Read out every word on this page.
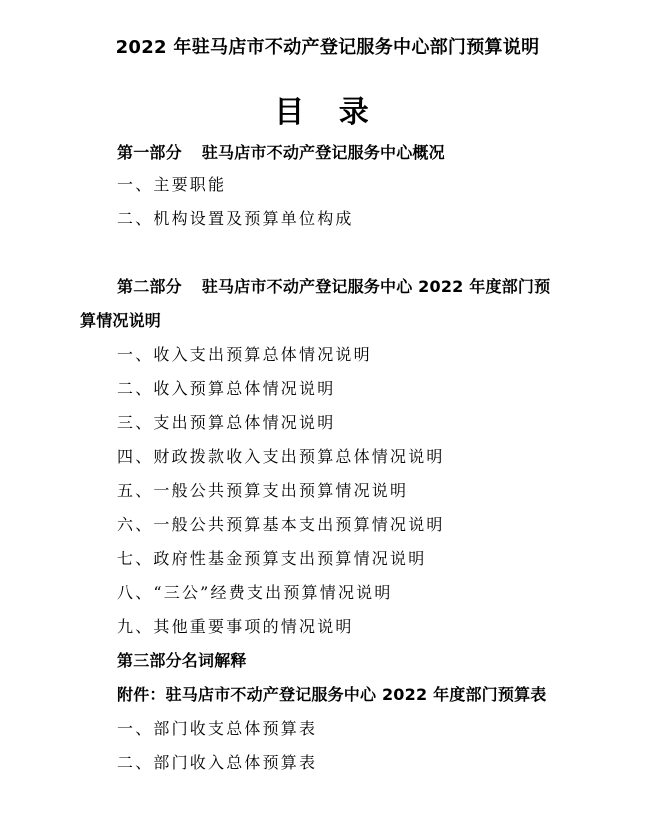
2022 年驻马店市不动产登记服务中心部门预算说明
目 录
第一部分 驻马店市不动产登记服务中心概况
一、主要职能
二、机构设置及预算单位构成
第二部分 驻马店市不动产登记服务中心 2022 年度部门预
算情况说明
一、收入支出预算总体情况说明
二、收入预算总体情况说明
三、支出预算总体情况说明
四、财政拨款收入支出预算总体情况说明
五、一般公共预算支出预算情况说明
六、一般公共预算基本支出预算情况说明
七、政府性基金预算支出预算情况说明
八、“三公”经费支出预算情况说明
九、其他重要事项的情况说明
第三部分名词解释
附件：驻马店市不动产登记服务中心 2022 年度部门预算表
一、部门收支总体预算表
二、部门收入总体预算表
